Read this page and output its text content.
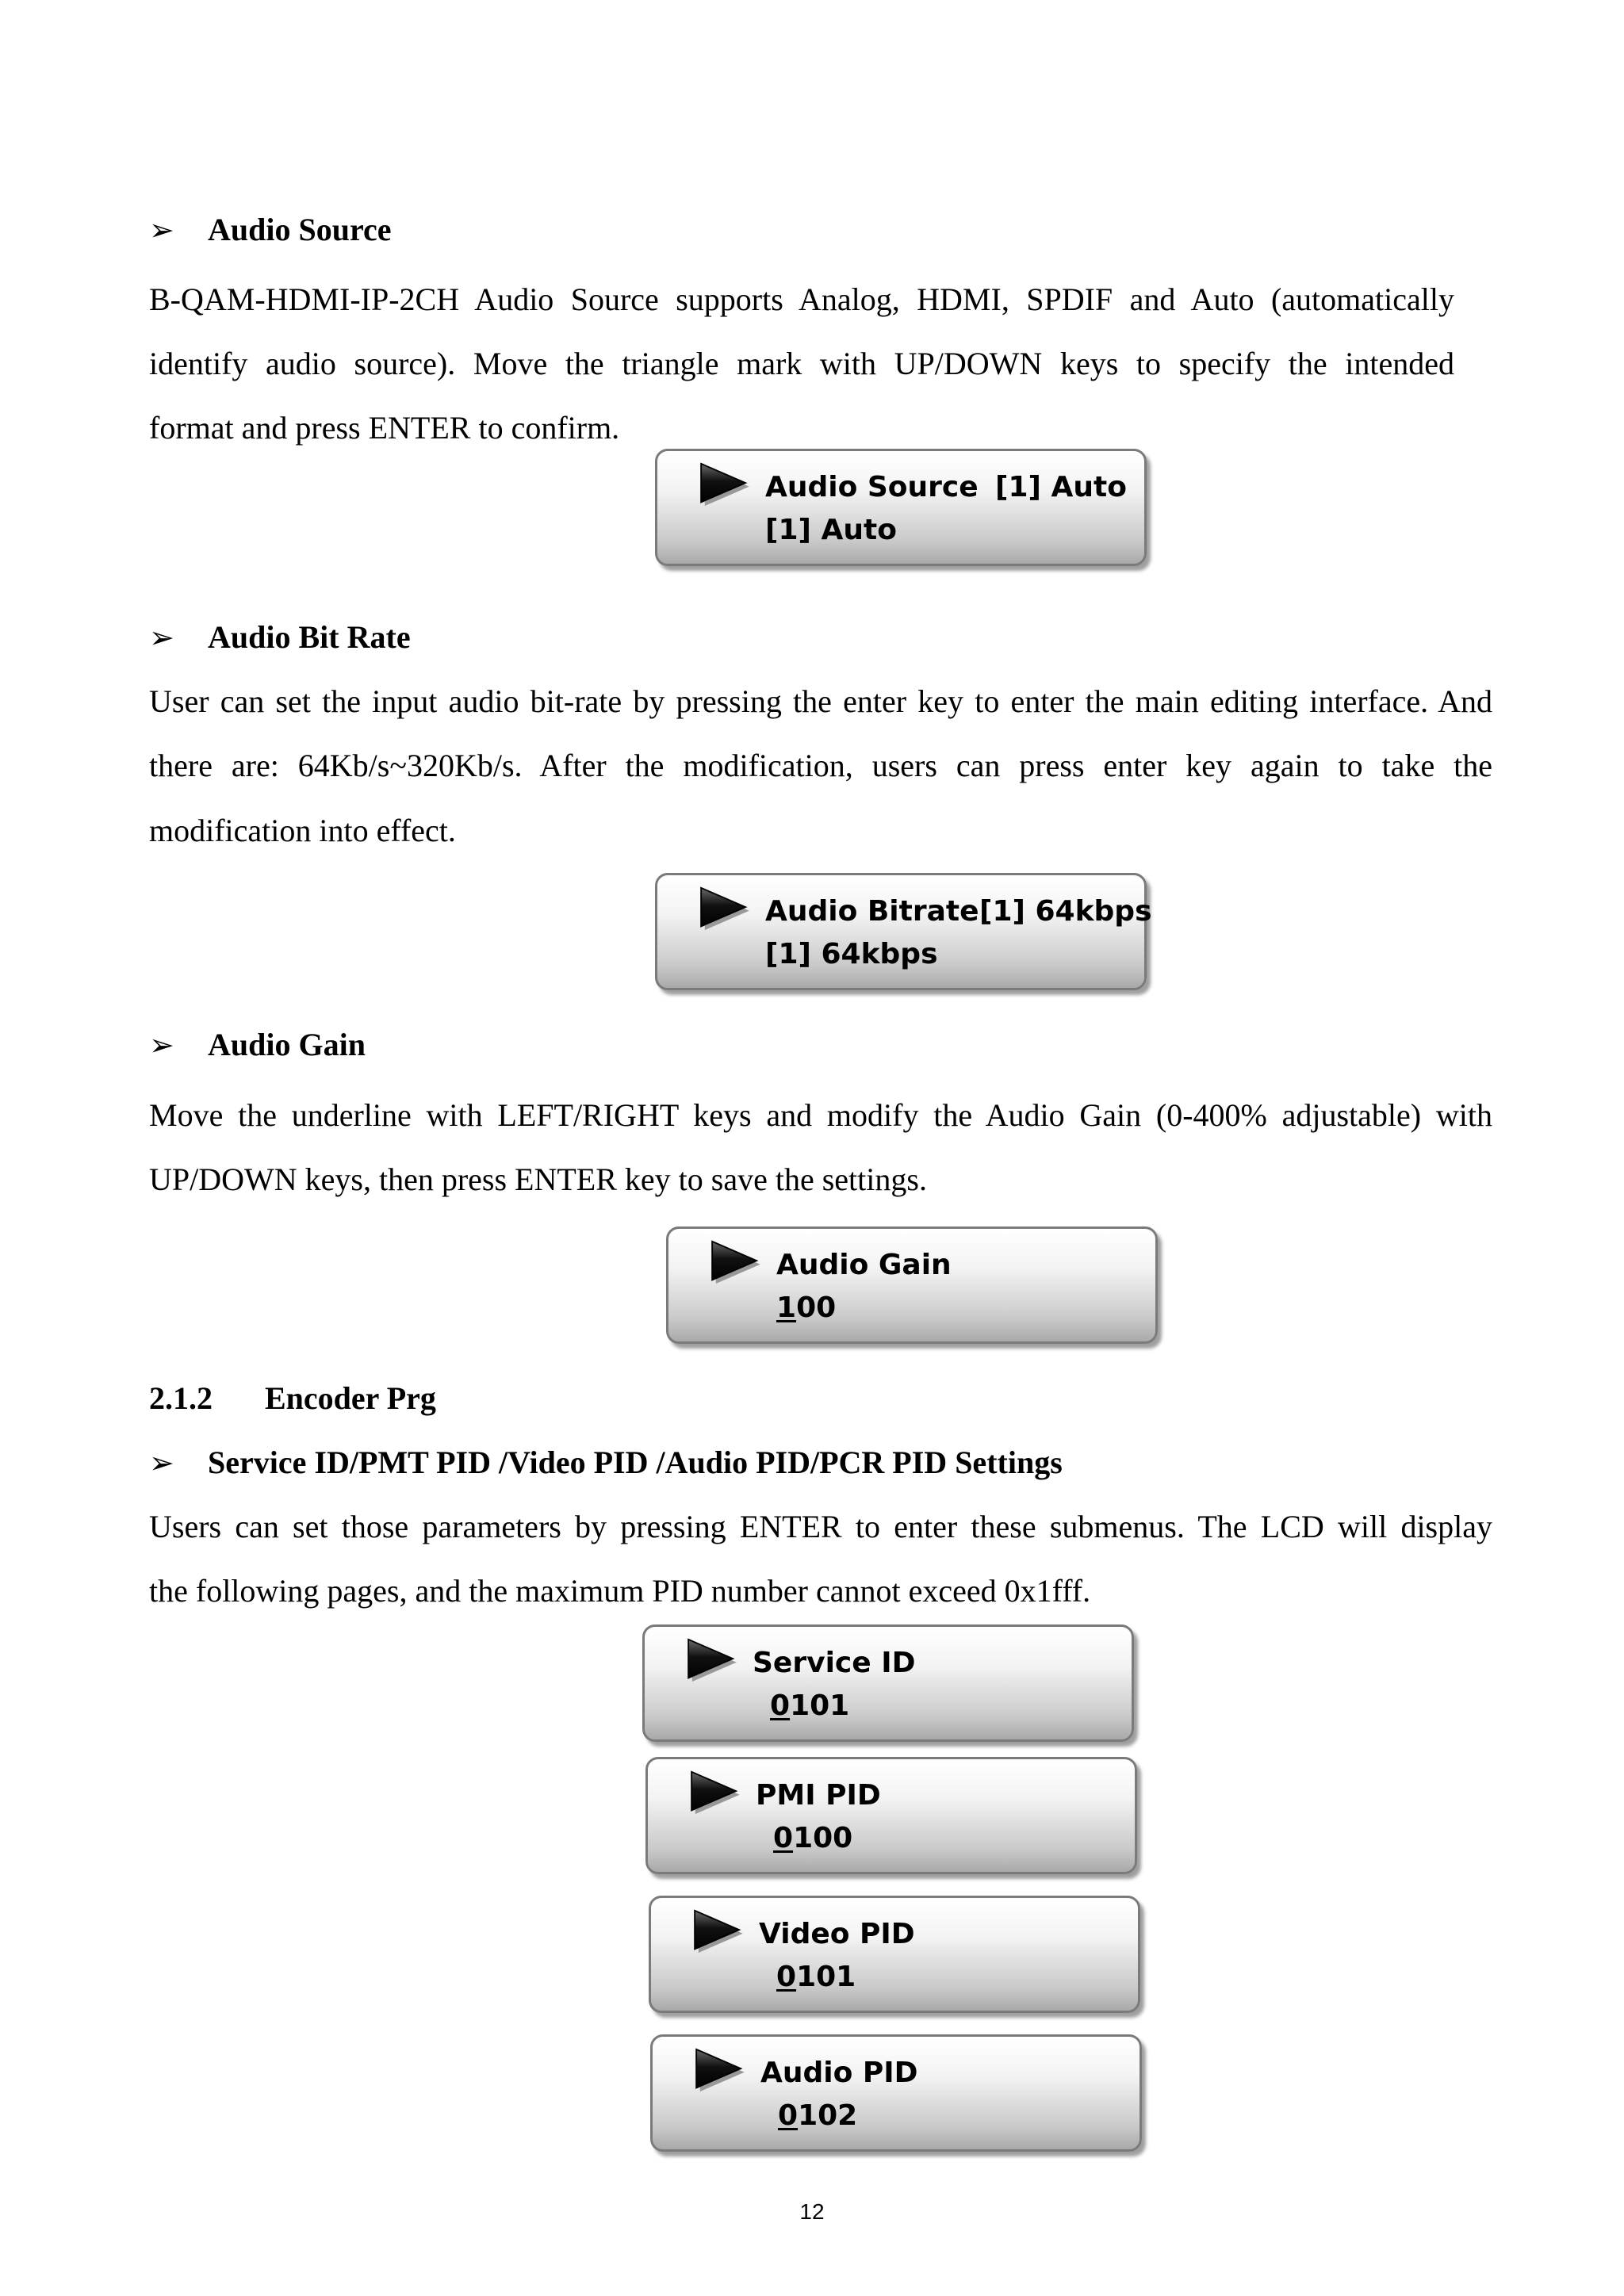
➢ Audio Source
B-QAM-HDMI-IP-2CH Audio Source supports Analog, HDMI, SPDIF and Auto (automatically
identify audio source). Move the triangle mark with UP/DOWN keys to specify the intended
format and press ENTER to confirm.
Audio Source [1] Auto
[1] Auto
➢ Audio Bit Rate
User can set the input audio bit-rate by pressing the enter key to enter the main editing interface. And
there are: 64Kb/s~320Kb/s. After the modification, users can press enter key again to take the
modification into effect.
Audio Bitrate [1] 64kbps
[1] 64kbps
➢ Audio Gain
Move the underline with LEFT/RIGHT keys and modify the Audio Gain (0-400% adjustable) with
UP/DOWN keys, then press ENTER key to save the settings.
Audio Gain
100
2.1.2 Encoder Prg
➢ Service ID/PMT PID /Video PID /Audio PID/PCR PID Settings
Users can set those parameters by pressing ENTER to enter these submenus. The LCD will display
the following pages, and the maximum PID number cannot exceed 0x1fff.
Service ID
0101
PMI PID
0100
Video PID
0101
Audio PID
0102
12
